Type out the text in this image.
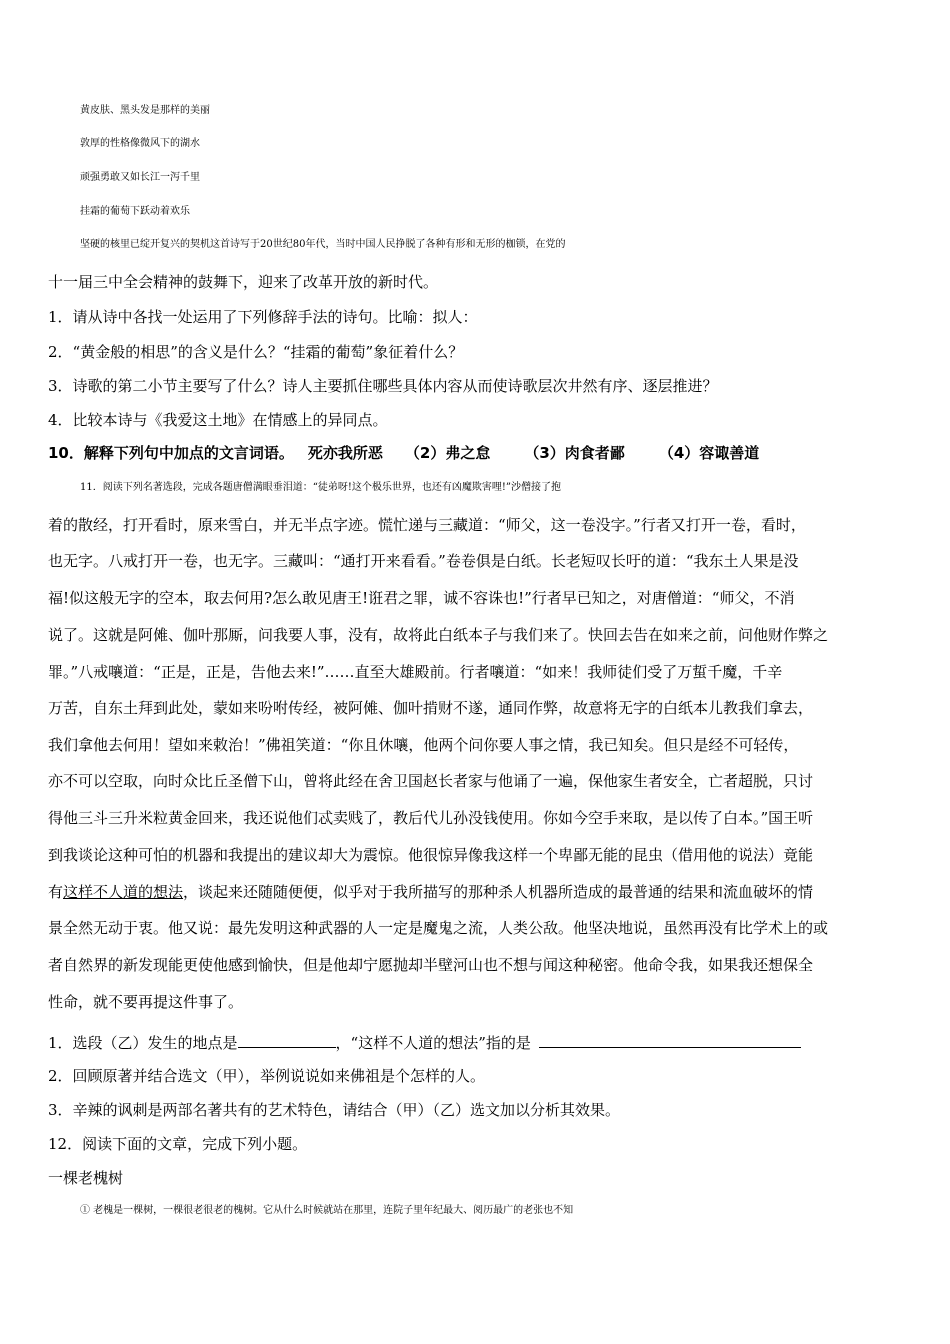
黄皮肤、黑头发是那样的美丽
敦厚的性格像微风下的湖水
顽强勇敢又如长江一泻千里
挂霜的葡萄下跃动着欢乐
坚硬的核里已绽开复兴的契机这首诗写于20世纪80年代，当时中国人民挣脱了各种有形和无形的枷锁，在党的
十一届三中全会精神的鼓舞下，迎来了改革开放的新时代。
1．请从诗中各找一处运用了下列修辞手法的诗句。比喻：拟人：
2．“黄金般的相思”的含义是什么？“挂霜的葡萄”象征着什么？
3．诗歌的第二小节主要写了什么？诗人主要抓住哪些具体内容从而使诗歌层次井然有序、逐层推进？
4．比较本诗与《我爱这土地》在情感上的异同点。
10．解释下列句中加点的文言词语。 死亦我所恶 （2）弗之怠 （3）肉食者鄙 （4）容诹善道
11．阅读下列名著选段，完成各题唐僧满眼垂泪道：“徒弟呀!这个极乐世界，也还有凶魔欺害哩!”沙僧接了抱
着的散经，打开看时，原来雪白，并无半点字迹。慌忙递与三藏道：“师父，这一卷没字。”行者又打开一卷，看时，
也无字。八戒打开一卷，也无字。三藏叫：“通打开来看看。”卷卷俱是白纸。长老短叹长吁的道：“我东土人果是没
福!似这般无字的空本，取去何用?怎么敢见唐王!诳君之罪，诚不容诛也!”行者早已知之，对唐僧道：“师父，不消
说了。这就是阿傩、伽叶那厮，问我要人事，没有，故将此白纸本子与我们来了。快回去告在如来之前，问他财作弊之
罪。”八戒嚷道：“正是，正是，告他去来!”……直至大雄殿前。行者嚷道：“如来！我师徒们受了万蜇千魔，千辛
万苦，自东土拜到此处，蒙如来吩咐传经，被阿傩、伽叶掯财不遂，通同作弊，故意将无字的白纸本儿教我们拿去，
我们拿他去何用！望如来敕治！”佛祖笑道：“你且休嚷，他两个问你要人事之情，我已知矣。但只是经不可轻传，
亦不可以空取，向时众比丘圣僧下山，曾将此经在舍卫国赵长者家与他诵了一遍，保他家生者安全，亡者超脱，只讨
得他三斗三升米粒黄金回来，我还说他们忒卖贱了，教后代儿孙没钱使用。你如今空手来取，是以传了白本。”国王听
到我谈论这种可怕的机器和我提出的建议却大为震惊。他很惊异像我这样一个卑鄙无能的昆虫（借用他的说法）竟能
有这样不人道的想法，谈起来还随随便便，似乎对于我所描写的那种杀人机器所造成的最普通的结果和流血破坏的情
景全然无动于衷。他又说：最先发明这种武器的人一定是魔鬼之流，人类公敌。他坚决地说，虽然再没有比学术上的或
者自然界的新发现能更使他感到愉快，但是他却宁愿抛却半壁河山也不想与闻这种秘密。他命令我，如果我还想保全
性命，就不要再提这件事了。
1．选段（乙）发生的地点是	，“这样不人道的想法”指的是
2．回顾原著并结合选文（甲），举例说说如来佛祖是个怎样的人。
3．辛辣的讽刺是两部名著共有的艺术特色，请结合（甲）（乙）选文加以分析其效果。
12．阅读下面的文章，完成下列小题。
一棵老槐树
① 老槐是一棵树，一棵很老很老的槐树。它从什么时候就站在那里，连院子里年纪最大、阅历最广的老张也不知
